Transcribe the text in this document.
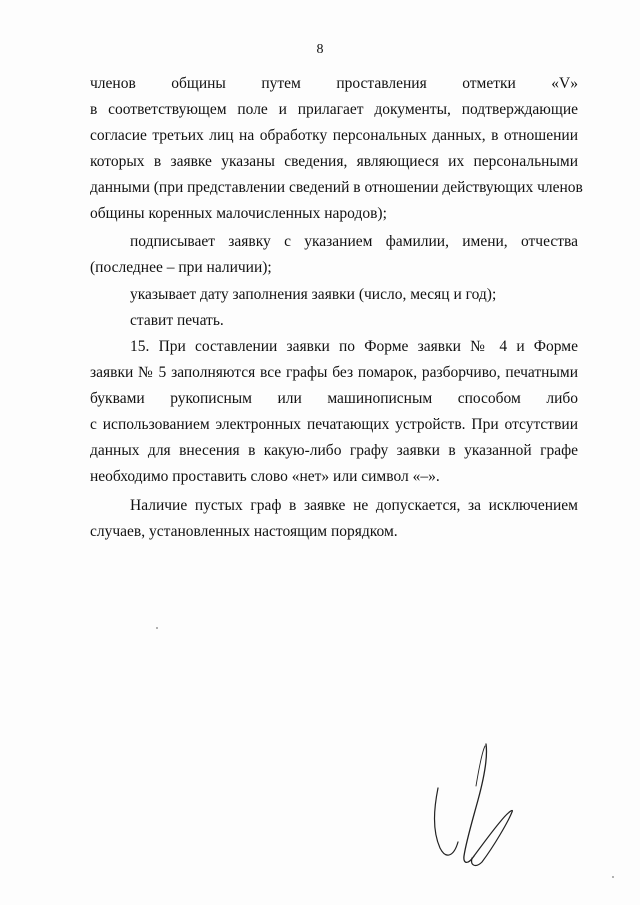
8
членов общины путем проставления отметки «V»
в соответствующем поле и прилагает документы, подтверждающие
согласие третьих лиц на обработку персональных данных, в отношении
которых в заявке указаны сведения, являющиеся их персональными
данными (при представлении сведений в отношении действующих членов
общины коренных малочисленных народов);
подписывает заявку с указанием фамилии, имени, отчества
(последнее – при наличии);
указывает дату заполнения заявки (число, месяц и год);
ставит печать.
15. При составлении заявки по Форме заявки № 4 и Форме
заявки № 5 заполняются все графы без помарок, разборчиво, печатными
буквами рукописным или машинописным способом либо
с использованием электронных печатающих устройств. При отсутствии
данных для внесения в какую-либо графу заявки в указанной графе
необходимо проставить слово «нет» или символ «–».
Наличие пустых граф в заявке не допускается, за исключением
случаев, установленных настоящим порядком.
